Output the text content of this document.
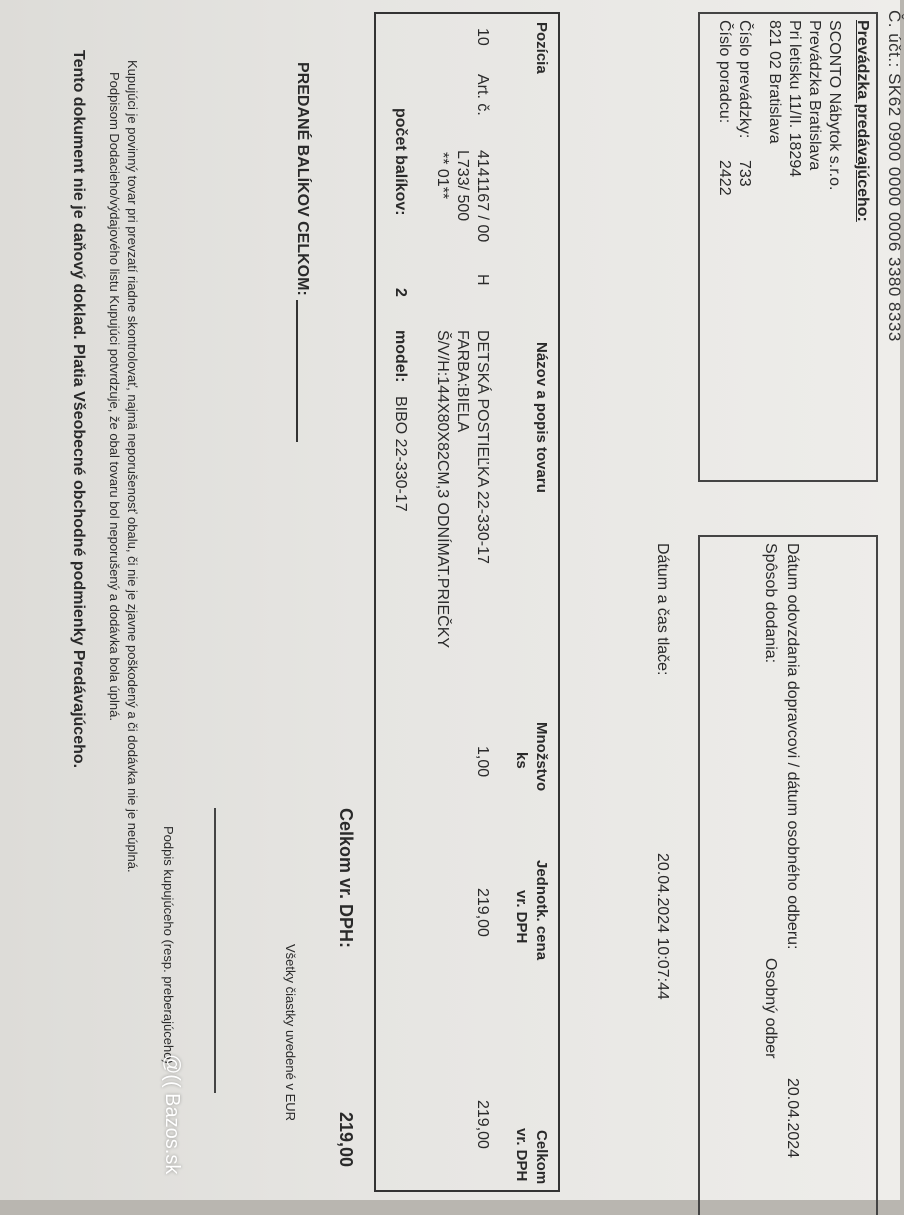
Č. účt.: SK62 0900 0000 0006 3380 8333
Prevádzka predávajúceho:
SCONTO Nábytok s.r.o.
Prevádzka Bratislava
Pri letisku 11/II. 18294
821 02 Bratislava
Číslo prevádzky:
733
Číslo poradcu:
2422
Dátum odovzdania dopravcovi / dátum osobného odberu:
20.04.2024
Spôsob dodania:
Osobný odber
Dátum a čas tlače:
20.04.2024 10:07:44
Pozícia
Názov a popis tovaru
Množstvo
ks
Jednotk. cena
vr. DPH
Celkom
vr. DPH
10
Art. č.
4141167 / 00
H
L733/ 500
** 01**
DETSKÁ POSTIEĽKA 22-330-17
FARBA:BIELA
Š/V/H:144X80X82CM,3 ODNÍMAT.PRIEČKY
1,00
219,00
219,00
počet balíkov:
2
model:
BIBO 22-330-17
Celkom vr. DPH:
219,00
Všetky čiastky uvedené v EUR
PREDANÉ BALÍKOV CELKOM:
Podpis kupujúceho (resp. preberajúceho)
Kupujúci je povinný tovar pri prevzatí riadne skontrolovať, najmä neporušenosť obalu, či nie je zjavne poškodený a či dodávka nie je neúplná.
Podpisom Dodacieho/výdajového listu Kupujúci potvrdzuje, že obal tovaru bol neporušený a dodávka bola úplná.
Tento dokument nie je daňový doklad. Platia Všeobecné obchodné podmienky Predávajúceho.
@(( Bazos.sk
